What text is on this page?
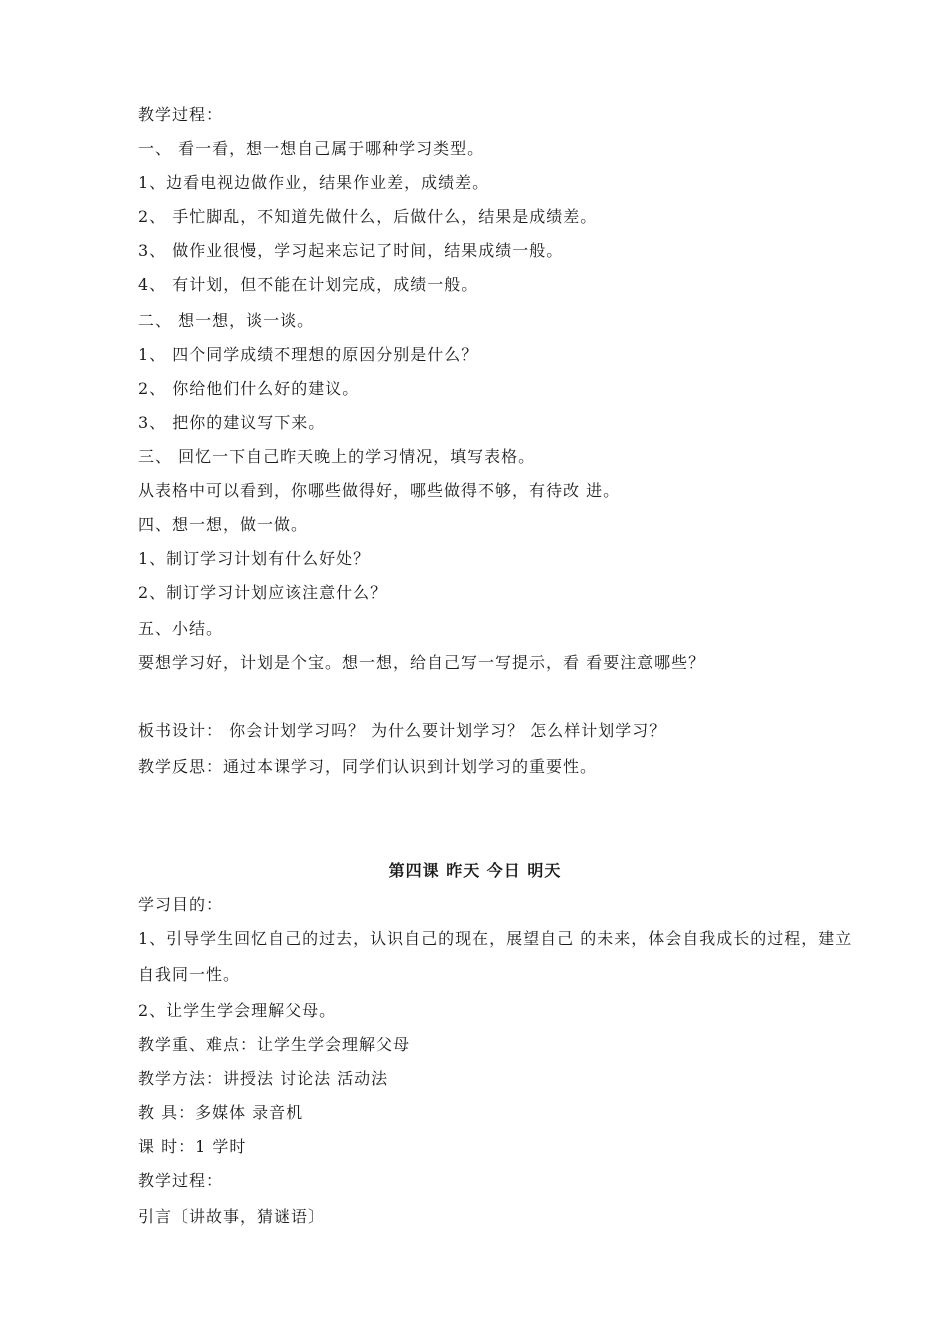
教学过程：
一、 看一看，想一想自己属于哪种学习类型。
1、边看电视边做作业，结果作业差，成绩差。
2、 手忙脚乱，不知道先做什么，后做什么，结果是成绩差。
3、 做作业很慢，学习起来忘记了时间，结果成绩一般。
4、 有计划，但不能在计划完成，成绩一般。
二、 想一想，谈一谈。
1、 四个同学成绩不理想的原因分别是什么？
2、 你给他们什么好的建议。
3、 把你的建议写下来。
三、 回忆一下自己昨天晚上的学习情况，填写表格。
从表格中可以看到，你哪些做得好，哪些做得不够，有待改 进。
四、想一想，做一做。
1、制订学习计划有什么好处？
2、制订学习计划应该注意什么？
五、小结。
要想学习好，计划是个宝。想一想，给自己写一写提示，看 看要注意哪些？
板书设计： 你会计划学习吗？ 为什么要计划学习？ 怎么样计划学习？
教学反思：通过本课学习，同学们认识到计划学习的重要性。
第四课 昨天 今日 明天
学习目的：
1、引导学生回忆自己的过去，认识自己的现在，展望自己 的未来，体会自我成长的过程，建立自我同一性。
2、让学生学会理解父母。
教学重、难点：让学生学会理解父母
教学方法：讲授法 讨论法 活动法
教 具：多媒体 录音机
课 时：1 学时
教学过程：
引言〔讲故事，猜谜语〕
